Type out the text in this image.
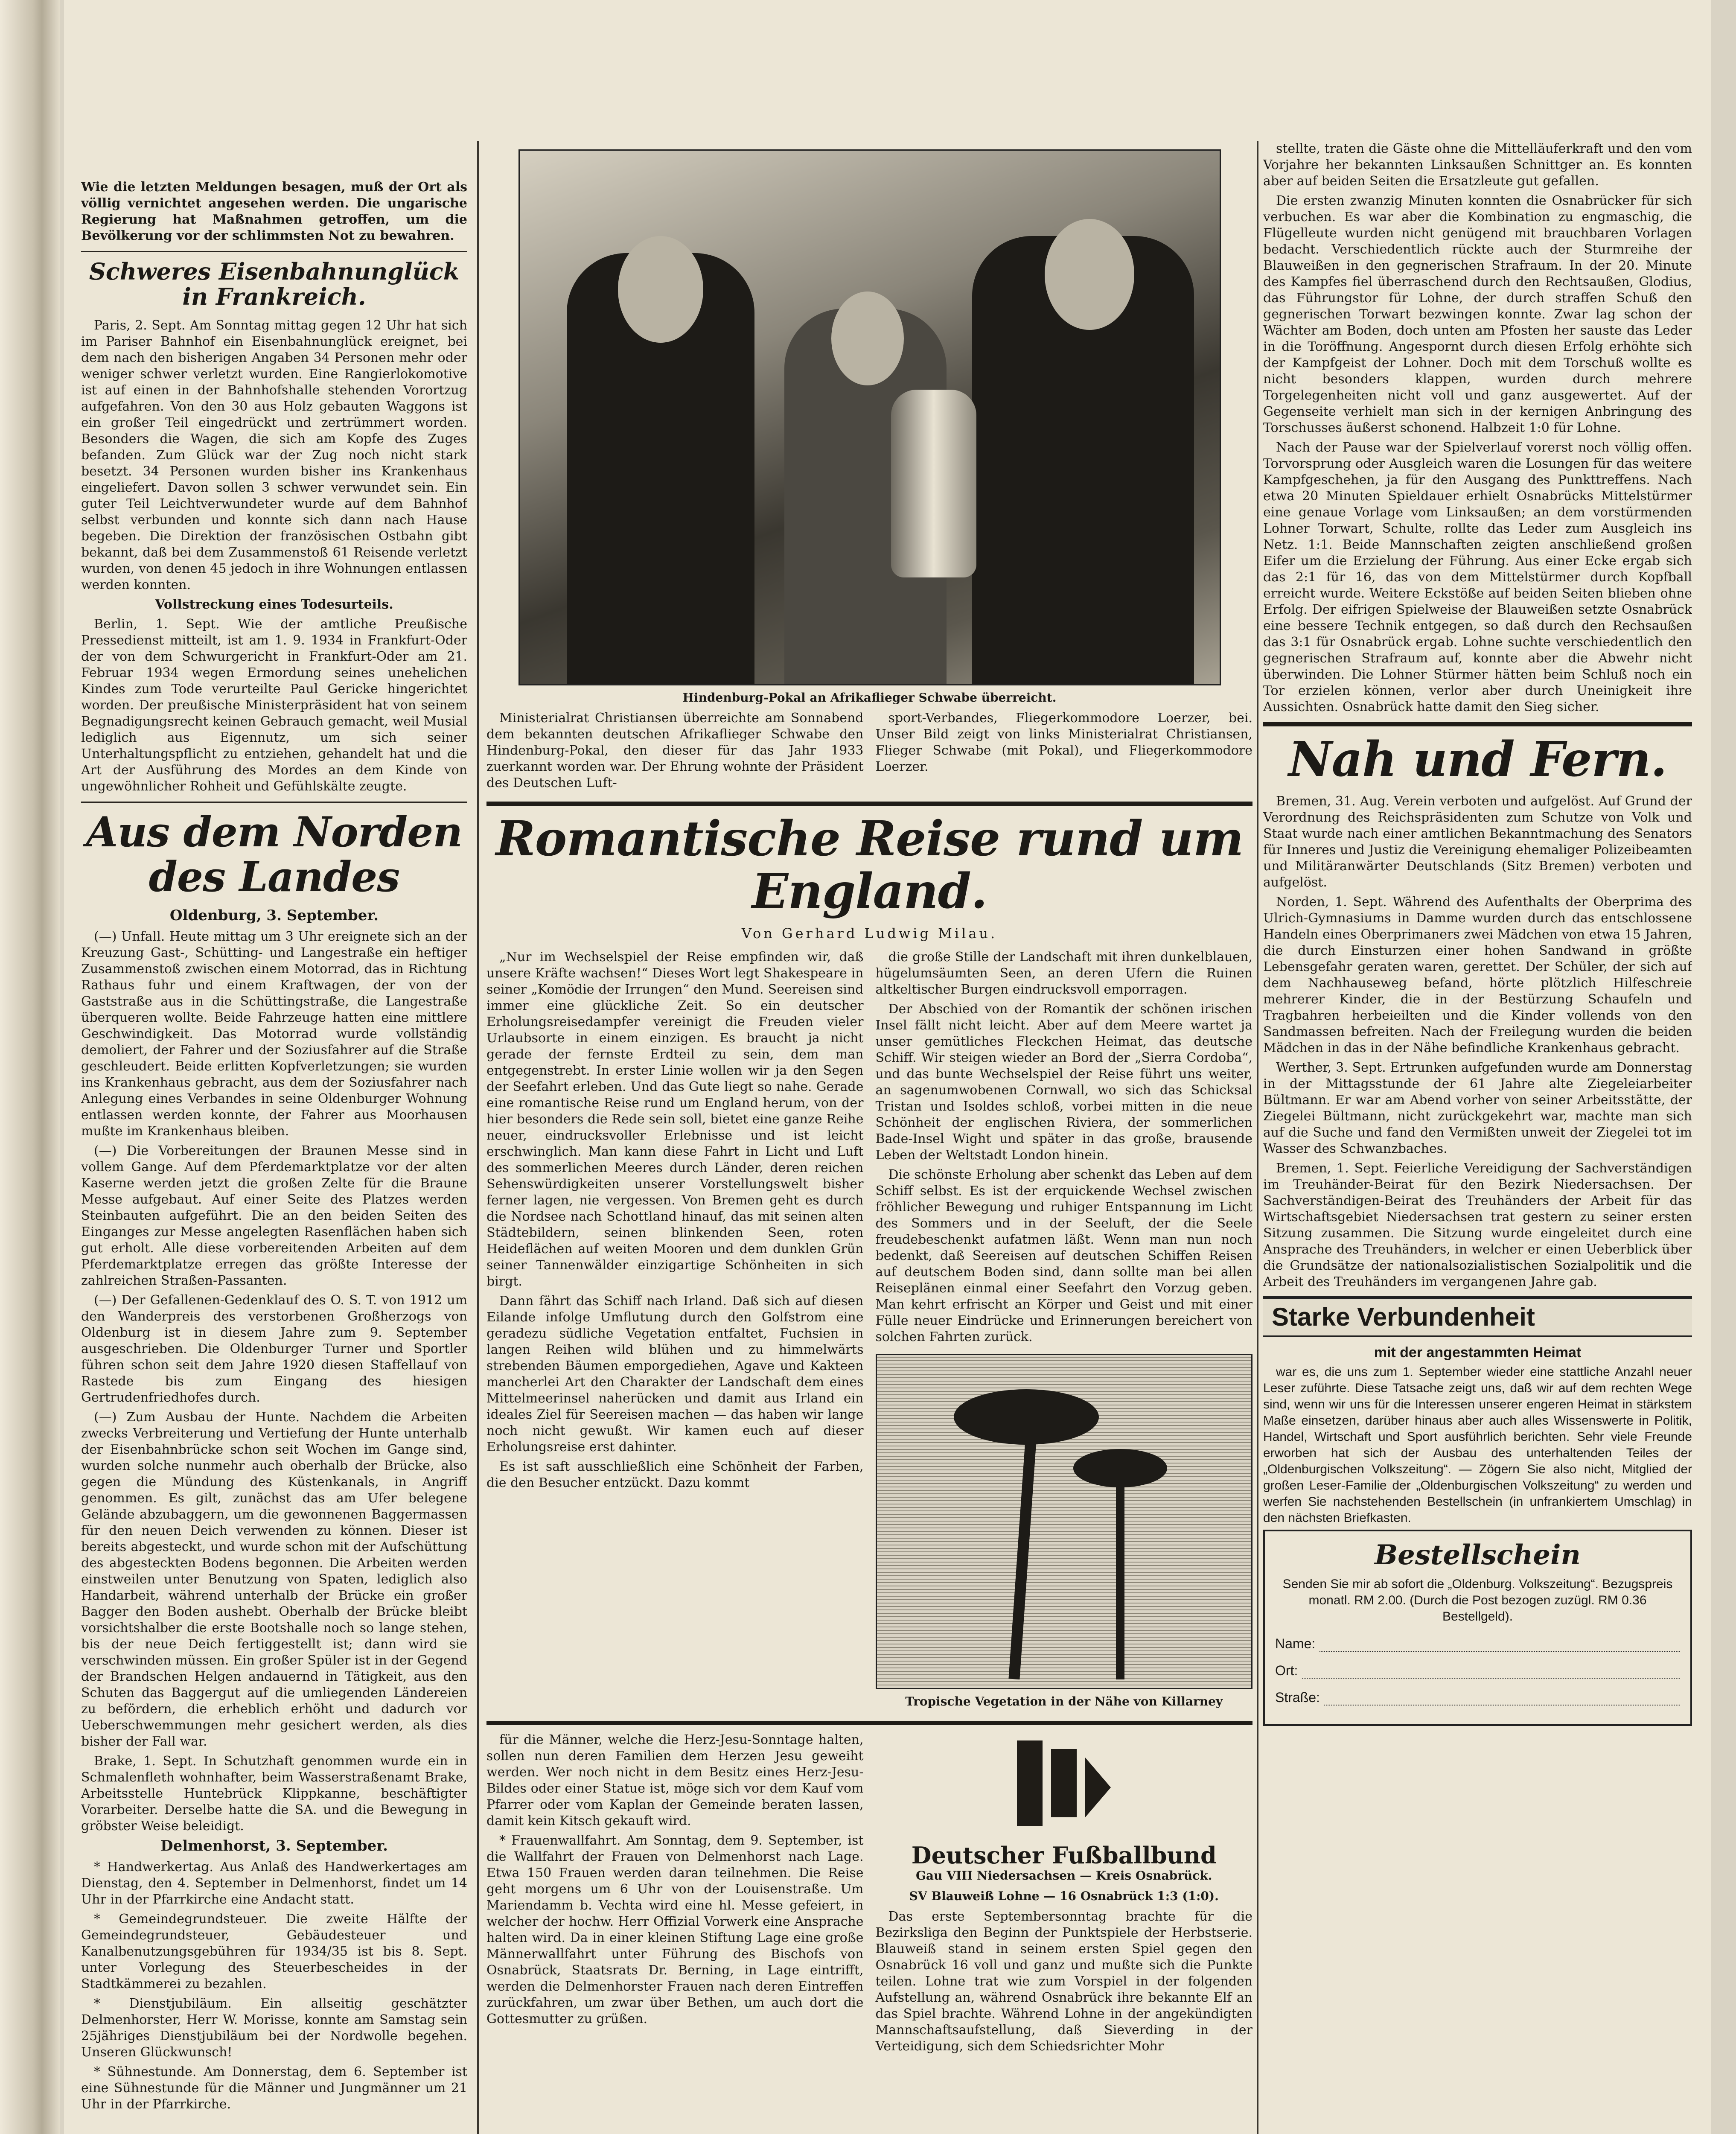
Wie die letzten Meldungen besagen, muß der Ort als völlig vernichtet angesehen werden. Die ungarische Regierung hat Maßnahmen getroffen, um die Bevölkerung vor der schlimmsten Not zu bewahren.

Schweres Eisenbahnunglück in Frankreich.

Paris, 2. Sept. Am Sonntag mittag gegen 12 Uhr hat sich im Pariser Bahnhof ein Eisenbahnunglück ereignet, bei dem nach den bisherigen Angaben 34 Personen mehr oder weniger schwer verletzt wurden. Eine Rangierlokomotive ist auf einen in der Bahnhofshalle stehenden Vorortzug aufgefahren. Von den 30 aus Holz gebauten Waggons ist ein großer Teil eingedrückt und zertrümmert worden. Besonders die Wagen, die sich am Kopfe des Zuges befanden. Zum Glück war der Zug noch nicht stark besetzt. 34 Personen wurden bisher ins Krankenhaus eingeliefert. Davon sollen 3 schwer verwundet sein. Ein guter Teil Leichtverwundeter wurde auf dem Bahnhof selbst verbunden und konnte sich dann nach Hause begeben. Die Direktion der französischen Ostbahn gibt bekannt, daß bei dem Zusammenstoß 61 Reisende verletzt wurden, von denen 45 jedoch in ihre Wohnungen entlassen werden konnten.

Vollstreckung eines Todesurteils.

Berlin, 1. Sept. Wie der amtliche Preußische Pressedienst mitteilt, ist am 1. 9. 1934 in Frankfurt-Oder der von dem Schwurgericht in Frankfurt-Oder am 21. Februar 1934 wegen Ermordung seines unehelichen Kindes zum Tode verurteilte Paul Gericke hingerichtet worden. Der preußische Ministerpräsident hat von seinem Begnadigungsrecht keinen Gebrauch gemacht, weil Musial lediglich aus Eigennutz, um sich seiner Unterhaltungspflicht zu entziehen, gehandelt hat und die Art der Ausführung des Mordes an dem Kinde von ungewöhnlicher Rohheit und Gefühlskälte zeugte.

Aus dem Norden des Landes

Oldenburg, 3. September.

(—) Unfall. Heute mittag um 3 Uhr ereignete sich an der Kreuzung Gast-, Schütting- und Langestraße ein heftiger Zusammenstoß zwischen einem Motorrad, das in Richtung Rathaus fuhr und einem Kraftwagen, der von der Gaststraße aus in die Schüttingstraße, die Langestraße überqueren wollte. Beide Fahrzeuge hatten eine mittlere Geschwindigkeit. Das Motorrad wurde vollständig demoliert, der Fahrer und der Soziusfahrer auf die Straße geschleudert. Beide erlitten Kopfverletzungen; sie wurden ins Krankenhaus gebracht, aus dem der Soziusfahrer nach Anlegung eines Verbandes in seine Oldenburger Wohnung entlassen werden konnte, der Fahrer aus Moorhausen mußte im Krankenhaus bleiben.

(—) Die Vorbereitungen der Braunen Messe sind in vollem Gange. Auf dem Pferdemarktplatze vor der alten Kaserne werden jetzt die großen Zelte für die Braune Messe aufgebaut. Auf einer Seite des Platzes werden Steinbauten aufgeführt. Die an den beiden Seiten des Einganges zur Messe angelegten Rasenflächen haben sich gut erholt. Alle diese vorbereitenden Arbeiten auf dem Pferdemarktplatze erregen das größte Interesse der zahlreichen Straßen-Passanten.

(—) Der Gefallenen-Gedenklauf des O. S. T. von 1912 um den Wanderpreis des verstorbenen Großherzogs von Oldenburg ist in diesem Jahre zum 9. September ausgeschrieben. Die Oldenburger Turner und Sportler führen schon seit dem Jahre 1920 diesen Staffellauf von Rastede bis zum Eingang des hiesigen Gertrudenfriedhofes durch.

(—) Zum Ausbau der Hunte. Nachdem die Arbeiten zwecks Verbreiterung und Vertiefung der Hunte unterhalb der Eisenbahnbrücke schon seit Wochen im Gange sind, wurden solche nunmehr auch oberhalb der Brücke, also gegen die Mündung des Küstenkanals, in Angriff genommen. Es gilt, zunächst das am Ufer belegene Gelände abzubaggern, um die gewonnenen Baggermassen für den neuen Deich verwenden zu können. Dieser ist bereits abgesteckt, und wurde schon mit der Aufschüttung des abgesteckten Bodens begonnen. Die Arbeiten werden einstweilen unter Benutzung von Spaten, lediglich also Handarbeit, während unterhalb der Brücke ein großer Bagger den Boden aushebt. Oberhalb der Brücke bleibt vorsichtshalber die erste Bootshalle noch so lange stehen, bis der neue Deich fertiggestellt ist; dann wird sie verschwinden müssen. Ein großer Spüler ist in der Gegend der Brandschen Helgen andauernd in Tätigkeit, aus den Schuten das Baggergut auf die umliegenden Ländereien zu befördern, die erheblich erhöht und dadurch vor Ueberschwemmungen mehr gesichert werden, als dies bisher der Fall war.

Brake, 1. Sept. In Schutzhaft genommen wurde ein in Schmalenfleth wohnhafter, beim Wasserstraßenamt Brake, Arbeitsstelle Huntebrück Klippkanne, beschäftigter Vorarbeiter. Derselbe hatte die SA. und die Bewegung in gröbster Weise beleidigt.

Delmenhorst, 3. September.

* Handwerkertag. Aus Anlaß des Handwerkertages am Dienstag, den 4. September in Delmenhorst, findet um 14 Uhr in der Pfarrkirche eine Andacht statt.

* Gemeindegrundsteuer. Die zweite Hälfte der Gemeindegrundsteuer, Gebäudesteuer und Kanalbenutzungsgebühren für 1934/35 ist bis 8. Sept. unter Vorlegung des Steuerbescheides in der Stadtkämmerei zu bezahlen.

* Dienstjubiläum. Ein allseitig geschätzter Delmenhorster, Herr W. Morisse, konnte am Samstag sein 25jähriges Dienstjubiläum bei der Nordwolle begehen. Unseren Glückwunsch!

* Sühnestunde. Am Donnerstag, dem 6. September ist eine Sühnestunde für die Männer und Jungmänner um 21 Uhr in der Pfarrkirche.

Hindenburg-Pokal an Afrikaflieger Schwabe überreicht.

Ministerialrat Christiansen überreichte am Sonnabend dem bekannten deutschen Afrikaflieger Schwabe den Hindenburg-Pokal, den dieser für das Jahr 1933 zuerkannt worden war. Der Ehrung wohnte der Präsident des Deutschen Luft-

sport-Verbandes, Fliegerkommodore Loerzer, bei. Unser Bild zeigt von links Ministerialrat Christiansen, Flieger Schwabe (mit Pokal), und Fliegerkommodore Loerzer.

Romantische Reise rund um England.

Von Gerhard Ludwig Milau.

„Nur im Wechselspiel der Reise empfinden wir, daß unsere Kräfte wachsen!“ Dieses Wort legt Shakespeare in seiner „Komödie der Irrungen“ den Mund. Seereisen sind immer eine glückliche Zeit. So ein deutscher Erholungsreisedampfer vereinigt die Freuden vieler Urlaubsorte in einem einzigen. Es braucht ja nicht gerade der fernste Erdteil zu sein, dem man entgegenstrebt. In erster Linie wollen wir ja den Segen der Seefahrt erleben. Und das Gute liegt so nahe. Gerade eine romantische Reise rund um England herum, von der hier besonders die Rede sein soll, bietet eine ganze Reihe neuer, eindrucksvoller Erlebnisse und ist leicht erschwinglich. Man kann diese Fahrt in Licht und Luft des sommerlichen Meeres durch Länder, deren reichen Sehenswürdigkeiten unserer Vorstellungswelt bisher ferner lagen, nie vergessen. Von Bremen geht es durch die Nordsee nach Schottland hinauf, das mit seinen alten Städtebildern, seinen blinkenden Seen, roten Heideflächen auf weiten Mooren und dem dunklen Grün seiner Tannenwälder einzigartige Schönheiten in sich birgt.

Dann fährt das Schiff nach Irland. Daß sich auf diesen Eilande infolge Umflutung durch den Golfstrom eine geradezu südliche Vegetation entfaltet, Fuchsien in langen Reihen wild blühen und zu himmelwärts strebenden Bäumen emporgediehen, Agave und Kakteen mancherlei Art den Charakter der Landschaft dem eines Mittelmeerinsel naherücken und damit aus Irland ein ideales Ziel für Seereisen machen — das haben wir lange noch nicht gewußt. Wir kamen euch auf dieser Erholungsreise erst dahinter.

Es ist saft ausschließlich eine Schönheit der Farben, die den Besucher entzückt. Dazu kommt

die große Stille der Landschaft mit ihren dunkelblauen, hügelumsäumten Seen, an deren Ufern die Ruinen altkeltischer Burgen eindrucksvoll emporragen.

Der Abschied von der Romantik der schönen irischen Insel fällt nicht leicht. Aber auf dem Meere wartet ja unser gemütliches Fleckchen Heimat, das deutsche Schiff. Wir steigen wieder an Bord der „Sierra Cordoba“, und das bunte Wechselspiel der Reise führt uns weiter, an sagenumwobenen Cornwall, wo sich das Schicksal Tristan und Isoldes schloß, vorbei mitten in die neue Schönheit der englischen Riviera, der sommerlichen Bade-Insel Wight und später in das große, brausende Leben der Weltstadt London hinein.

Die schönste Erholung aber schenkt das Leben auf dem Schiff selbst. Es ist der erquickende Wechsel zwischen fröhlicher Bewegung und ruhiger Entspannung im Licht des Sommers und in der Seeluft, der die Seele freudebeschenkt aufatmen läßt. Wenn man nun noch bedenkt, daß Seereisen auf deutschen Schiffen Reisen auf deutschem Boden sind, dann sollte man bei allen Reiseplänen einmal einer Seefahrt den Vorzug geben. Man kehrt erfrischt an Körper und Geist und mit einer Fülle neuer Eindrücke und Erinnerungen bereichert von solchen Fahrten zurück.

Tropische Vegetation in der Nähe von Killarney

für die Männer, welche die Herz-Jesu-Sonntage halten, sollen nun deren Familien dem Herzen Jesu geweiht werden. Wer noch nicht in dem Besitz eines Herz-Jesu-Bildes oder einer Statue ist, möge sich vor dem Kauf vom Pfarrer oder vom Kaplan der Gemeinde beraten lassen, damit kein Kitsch gekauft wird.

* Frauenwallfahrt. Am Sonntag, dem 9. September, ist die Wallfahrt der Frauen von Delmenhorst nach Lage. Etwa 150 Frauen werden daran teilnehmen. Die Reise geht morgens um 6 Uhr von der Louisenstraße. Um Mariendamm b. Vechta wird eine hl. Messe gefeiert, in welcher der hochw. Herr Offizial Vorwerk eine Ansprache halten wird. Da in einer kleinen Stiftung Lage eine große Männerwallfahrt unter Führung des Bischofs von Osnabrück, Staatsrats Dr. Berning, in Lage eintrifft, werden die Delmenhorster Frauen nach deren Eintreffen zurückfahren, um zwar über Bethen, um auch dort die Gottesmutter zu grüßen.

Deutscher Fußballbund

Gau VIII Niedersachsen — Kreis Osnabrück.

SV Blauweiß Lohne — 16 Osnabrück 1:3 (1:0).

Das erste Septembersonntag brachte für die Bezirksliga den Beginn der Punktspiele der Herbstserie. Blauweiß stand in seinem ersten Spiel gegen den Osnabrück 16 voll und ganz und mußte sich die Punkte teilen. Lohne trat wie zum Vorspiel in der folgenden Aufstellung an, während Osnabrück ihre bekannte Elf an das Spiel brachte. Während Lohne in der angekündigten Mannschaftsaufstellung, daß Sieverding in der Verteidigung, sich dem Schiedsrichter Mohr

stellte, traten die Gäste ohne die Mittelläuferkraft und den vom Vorjahre her bekannten Linksaußen Schnittger an. Es konnten aber auf beiden Seiten die Ersatzleute gut gefallen.

Die ersten zwanzig Minuten konnten die Osnabrücker für sich verbuchen. Es war aber die Kombination zu engmaschig, die Flügelleute wurden nicht genügend mit brauchbaren Vorlagen bedacht. Verschiedentlich rückte auch der Sturmreihe der Blauweißen in den gegnerischen Strafraum. In der 20. Minute des Kampfes fiel überraschend durch den Rechtsaußen, Glodius, das Führungstor für Lohne, der durch straffen Schuß den gegnerischen Torwart bezwingen konnte. Zwar lag schon der Wächter am Boden, doch unten am Pfosten her sauste das Leder in die Toröffnung. Angespornt durch diesen Erfolg erhöhte sich der Kampfgeist der Lohner. Doch mit dem Torschuß wollte es nicht besonders klappen, wurden durch mehrere Torgelegenheiten nicht voll und ganz ausgewertet. Auf der Gegenseite verhielt man sich in der kernigen Anbringung des Torschusses äußerst schonend. Halbzeit 1:0 für Lohne.

Nach der Pause war der Spielverlauf vorerst noch völlig offen. Torvorsprung oder Ausgleich waren die Losungen für das weitere Kampfgeschehen, ja für den Ausgang des Punkttreffens. Nach etwa 20 Minuten Spieldauer erhielt Osnabrücks Mittelstürmer eine genaue Vorlage vom Linksaußen; an dem vorstürmenden Lohner Torwart, Schulte, rollte das Leder zum Ausgleich ins Netz. 1:1. Beide Mannschaften zeigten anschließend großen Eifer um die Erzielung der Führung. Aus einer Ecke ergab sich das 2:1 für 16, das von dem Mittelstürmer durch Kopfball erreicht wurde. Weitere Eckstöße auf beiden Seiten blieben ohne Erfolg. Der eifrigen Spielweise der Blauweißen setzte Osnabrück eine bessere Technik entgegen, so daß durch den Rechsaußen das 3:1 für Osnabrück ergab. Lohne suchte verschiedentlich den gegnerischen Strafraum auf, konnte aber die Abwehr nicht überwinden. Die Lohner Stürmer hätten beim Schluß noch ein Tor erzielen können, verlor aber durch Uneinigkeit ihre Aussichten. Osnabrück hatte damit den Sieg sicher.

Nah und Fern.

Bremen, 31. Aug. Verein verboten und aufgelöst. Auf Grund der Verordnung des Reichspräsidenten zum Schutze von Volk und Staat wurde nach einer amtlichen Bekanntmachung des Senators für Inneres und Justiz die Vereinigung ehemaliger Polizeibeamten und Militäranwärter Deutschlands (Sitz Bremen) verboten und aufgelöst.

Norden, 1. Sept. Während des Aufenthalts der Oberprima des Ulrich-Gymnasiums in Damme wurden durch das entschlossene Handeln eines Oberprimaners zwei Mädchen von etwa 15 Jahren, die durch Einsturzen einer hohen Sandwand in größte Lebensgefahr geraten waren, gerettet. Der Schüler, der sich auf dem Nachhauseweg befand, hörte plötzlich Hilfeschreie mehrerer Kinder, die in der Bestürzung Schaufeln und Tragbahren herbeieilten und die Kinder vollends von den Sandmassen befreiten. Nach der Freilegung wurden die beiden Mädchen in das in der Nähe befindliche Krankenhaus gebracht.

Werther, 3. Sept. Ertrunken aufgefunden wurde am Donnerstag in der Mittagsstunde der 61 Jahre alte Ziegeleiarbeiter Bültmann. Er war am Abend vorher von seiner Arbeitsstätte, der Ziegelei Bültmann, nicht zurückgekehrt war, machte man sich auf die Suche und fand den Vermißten unweit der Ziegelei tot im Wasser des Schwanzbaches.

Bremen, 1. Sept. Feierliche Vereidigung der Sachverständigen im Treuhänder-Beirat für den Bezirk Niedersachsen. Der Sachverständigen-Beirat des Treuhänders der Arbeit für das Wirtschaftsgebiet Niedersachsen trat gestern zu seiner ersten Sitzung zusammen. Die Sitzung wurde eingeleitet durch eine Ansprache des Treuhänders, in welcher er einen Ueberblick über die Grundsätze der nationalsozialistischen Sozialpolitik und die Arbeit des Treuhänders im vergangenen Jahre gab.

Starke Verbundenheit

mit der angestammten Heimat

war es, die uns zum 1. September wieder eine stattliche Anzahl neuer Leser zuführte. Diese Tatsache zeigt uns, daß wir auf dem rechten Wege sind, wenn wir uns für die Interessen unserer engeren Heimat in stärkstem Maße einsetzen, darüber hinaus aber auch alles Wissenswerte in Politik, Handel, Wirtschaft und Sport ausführlich berichten. Sehr viele Freunde erworben hat sich der Ausbau des unterhaltenden Teiles der „Oldenburgischen Volkszeitung“. — Zögern Sie also nicht, Mitglied der großen Leser-Familie der „Oldenburgischen Volkszeitung“ zu werden und werfen Sie nachstehenden Bestellschein (in unfrankiertem Umschlag) in den nächsten Briefkasten.

Bestellschein
Senden Sie mir ab sofort die „Oldenburg. Volkszeitung“. Bezugspreis monatl. RM 2.00. (Durch die Post bezogen zuzügl. RM 0.36 Bestellgeld).
Name:
Ort:
Straße:
